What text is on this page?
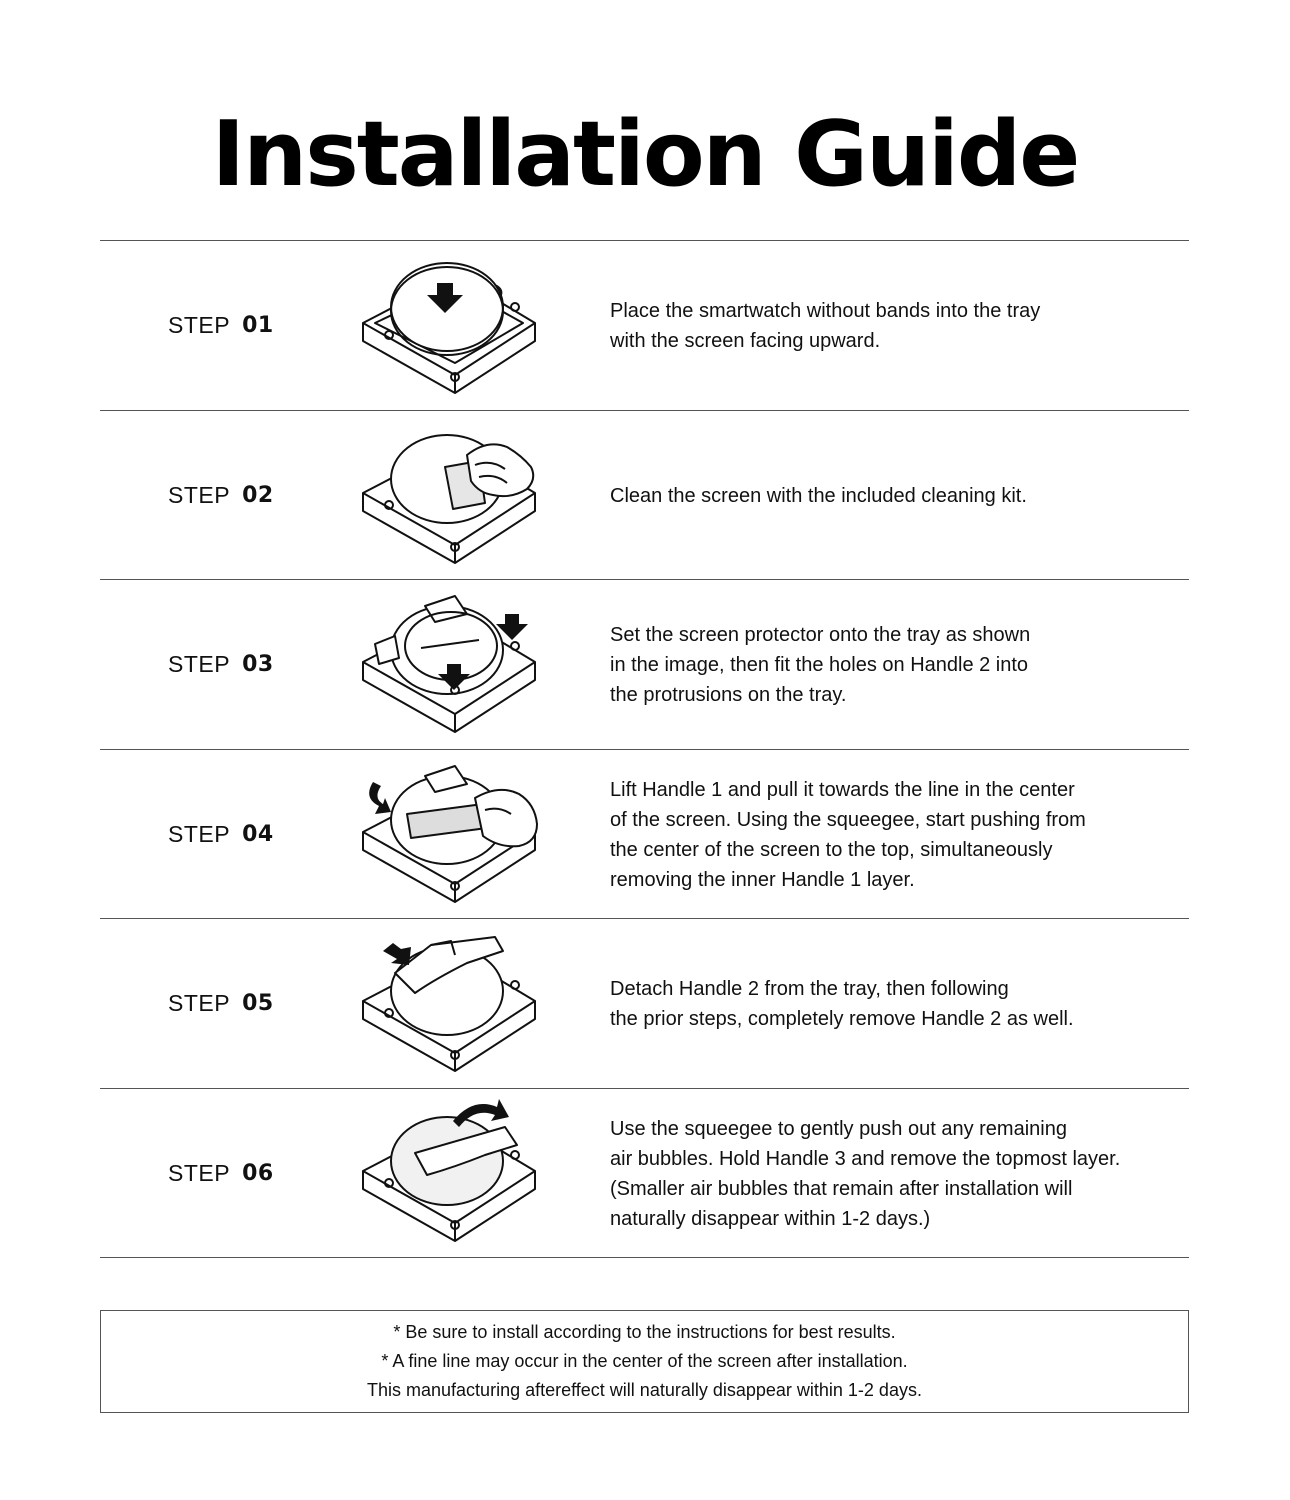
Installation Guide
STEP 01
Place the smartwatch without bands into the tray
with the screen facing upward.
STEP 02	Clean the screen with the included cleaning kit.
STEP 03
Set the screen protector onto the tray as shown
in the image, then fit the holes on Handle 2 into
the protrusions on the tray.
STEP 04
Lift Handle 1 and pull it towards the line in the center
of the screen. Using the squeegee, start pushing from
the center of the screen to the top, simultaneously
removing the inner Handle 1 layer.
STEP 05
Detach Handle 2 from the tray, then following
the prior steps, completely remove Handle 2 as well.
STEP 06
Use the squeegee to gently push out any remaining
air bubbles. Hold Handle 3 and remove the topmost layer.
(Smaller air bubbles that remain after installation will
naturally disappear within 1-2 days.)
* Be sure to install according to the instructions for best results.
* A fine line may occur in the center of the screen after installation.
This manufacturing aftereffect will naturally disappear within 1-2 days.
